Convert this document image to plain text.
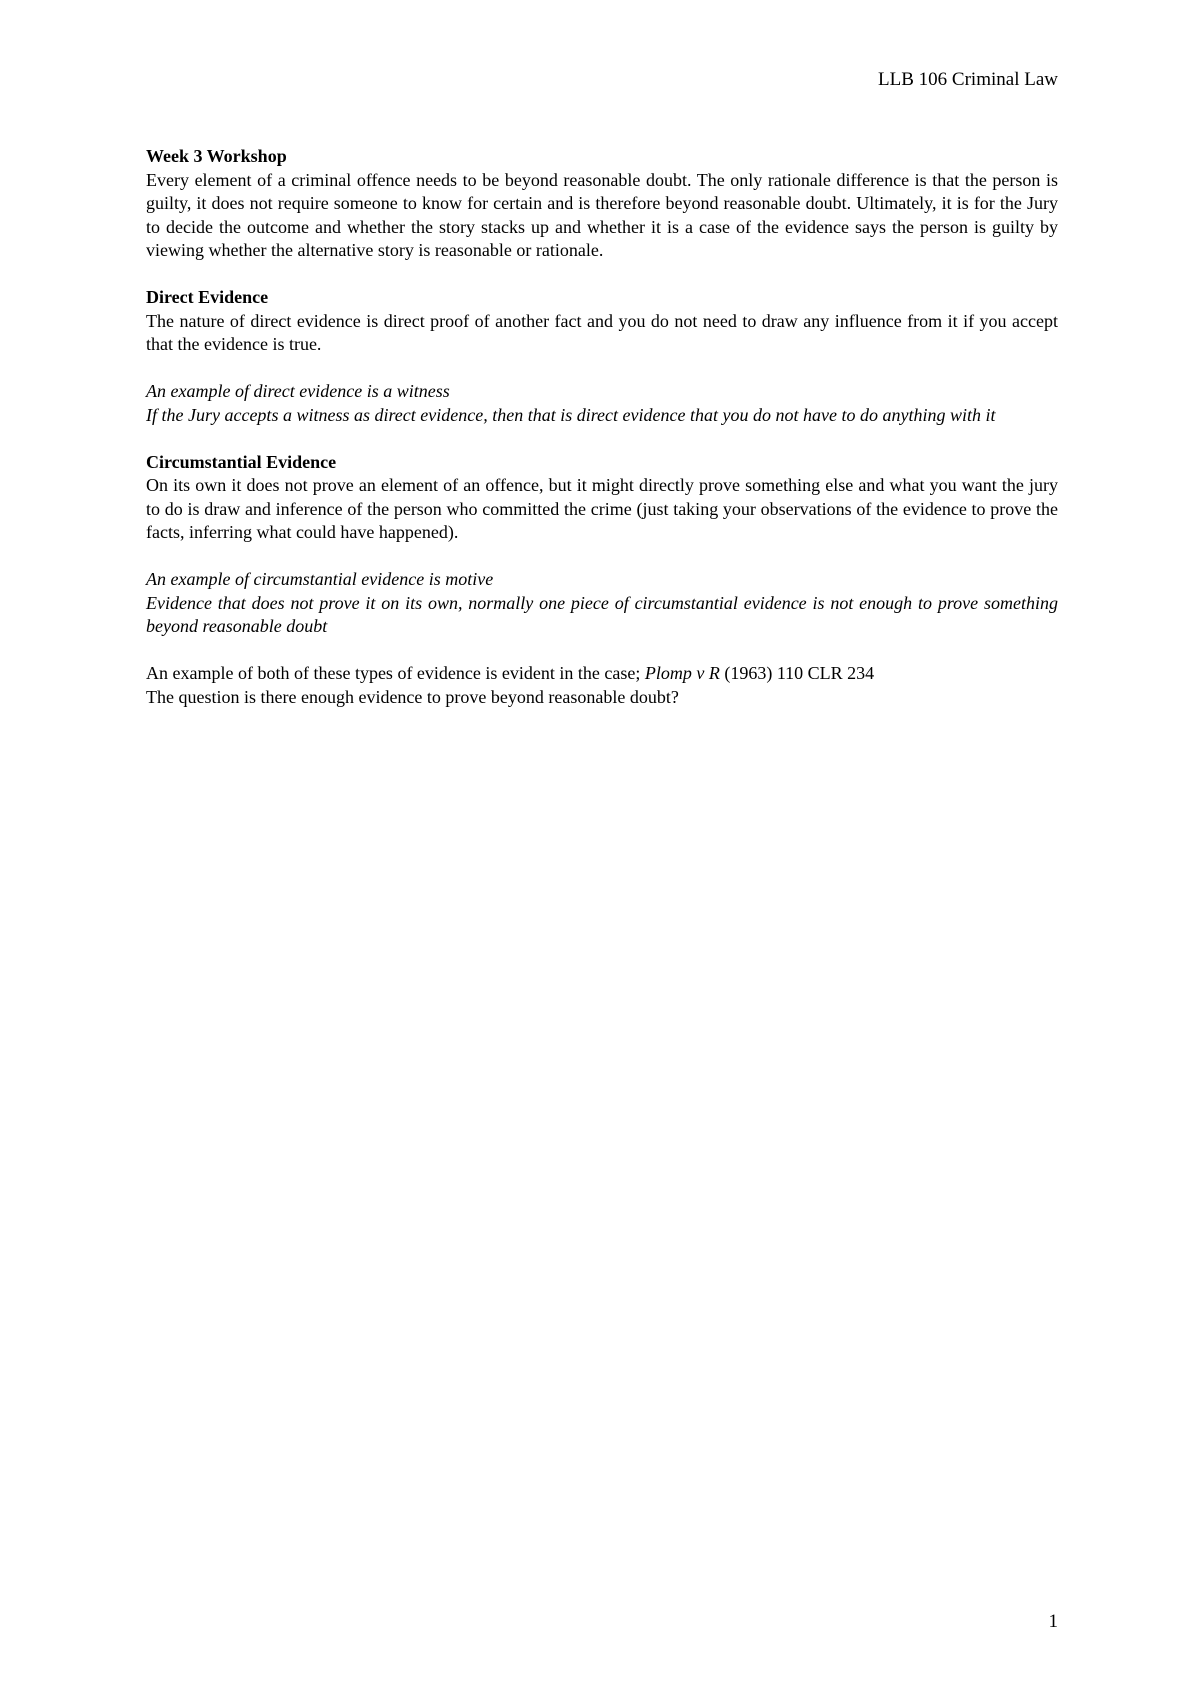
LLB 106 Criminal Law
Week 3 Workshop

Every element of a criminal offence needs to be beyond reasonable doubt. The only rationale difference is that the person is guilty, it does not require someone to know for certain and is therefore beyond reasonable doubt. Ultimately, it is for the Jury to decide the outcome and whether the story stacks up and whether it is a case of the evidence says the person is guilty by viewing whether the alternative story is reasonable or rationale.

Direct Evidence

The nature of direct evidence is direct proof of another fact and you do not need to draw any influence from it if you accept that the evidence is true.

An example of direct evidence is a witness

If the Jury accepts a witness as direct evidence, then that is direct evidence that you do not have to do anything with it

Circumstantial Evidence

On its own it does not prove an element of an offence, but it might directly prove something else and what you want the jury to do is draw and inference of the person who committed the crime (just taking your observations of the evidence to prove the facts, inferring what could have happened).

An example of circumstantial evidence is motive

Evidence that does not prove it on its own, normally one piece of circumstantial evidence is not enough to prove something beyond reasonable doubt

An example of both of these types of evidence is evident in the case; Plomp v R (1963) 110 CLR 234
The question is there enough evidence to prove beyond reasonable doubt?
1
